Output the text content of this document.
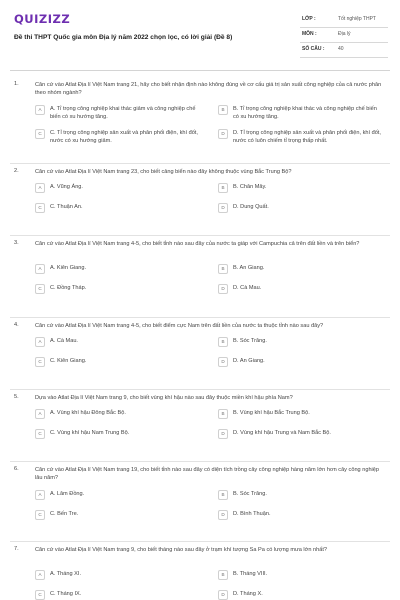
QUIZIZZ
Đề thi THPT Quốc gia môn Địa lý năm 2022 chọn lọc, có lời giải (Đề 8)
LỚP :	Tốt nghiệp THPT
MÔN :	Địa lý
SỐ CÂU :	40
1.	Căn cứ vào Atlat Địa lí Việt Nam trang 21, hãy cho biết nhận định nào không đúng về cơ cấu giá trị sản xuất công nghiệp của cả nước phân theo nhóm ngành?
A	A. Tỉ trọng công nghiệp khai thác giảm và công nghiệp chế biến có xu hướng tăng.
B	B. Tỉ trọng công nghiệp khai thác và công nghiệp chế biến có xu hướng tăng.
C	C. Tỉ trọng công nghiệp sản xuất và phân phối điện, khí đốt, nước có xu hướng giảm.
D	D. Tỉ trọng công nghiệp sản xuất và phân phối điện, khí đốt, nước có luôn chiếm tỉ trọng thấp nhất.
2.	Căn cứ vào Atlat Địa lí Việt Nam trang 23, cho biết cảng biển nào đây không thuộc vùng Bắc Trung Bộ?
A	A. Vũng Áng.	B	B. Chân Mây.
C	C. Thuận An.	D	D. Dung Quất.
3.	Căn cứ vào Atlat Địa lí Việt Nam trang 4-5, cho biết tỉnh nào sau đây của nước ta giáp với Campuchia cả trên đất liền và trên biển?
A	A. Kiên Giang.	B	B. An Giang.
C	C. Đồng Tháp.	D	D. Cà Mau.
4.	Căn cứ vào Atlat Địa lí Việt Nam trang 4-5, cho biết điểm cực Nam trên đất liền của nước ta thuộc tỉnh nào sau đây?
A	A. Cà Mau.	B	B. Sóc Trăng.
C	C. Kiên Giang.	D	D. An Giang.
5.	Dựa vào Atlat Địa lí Việt Nam trang 9, cho biết vùng khí hậu nào sau đây thuộc miền khí hậu phía Nam?
A	A. Vùng khí hậu Đông Bắc Bộ.	B	B. Vùng khí hậu Bắc Trung Bộ.
C	C. Vùng khí hậu Nam Trung Bộ.	D	D. Vùng khí hậu Trung và Nam Bắc Bộ.
6.	Căn cứ vào Atlat Địa lí Việt Nam trang 19, cho biết tỉnh nào sau đây có diện tích trồng cây công nghiệp hàng năm lớn hơn cây công nghiệp lâu năm?
A	A. Lâm Đồng.	B	B. Sóc Trăng.
C	C. Bến Tre.	D	D. Bình Thuận.
7.	Căn cứ vào Atlat Địa lí Việt Nam trang 9, cho biết tháng nào sau đây ở trạm khí tượng Sa Pa có lượng mưa lớn nhất?
A	A. Tháng XI.	B	B. Tháng VIII.
C	C. Tháng IX.	D	D. Tháng X.
